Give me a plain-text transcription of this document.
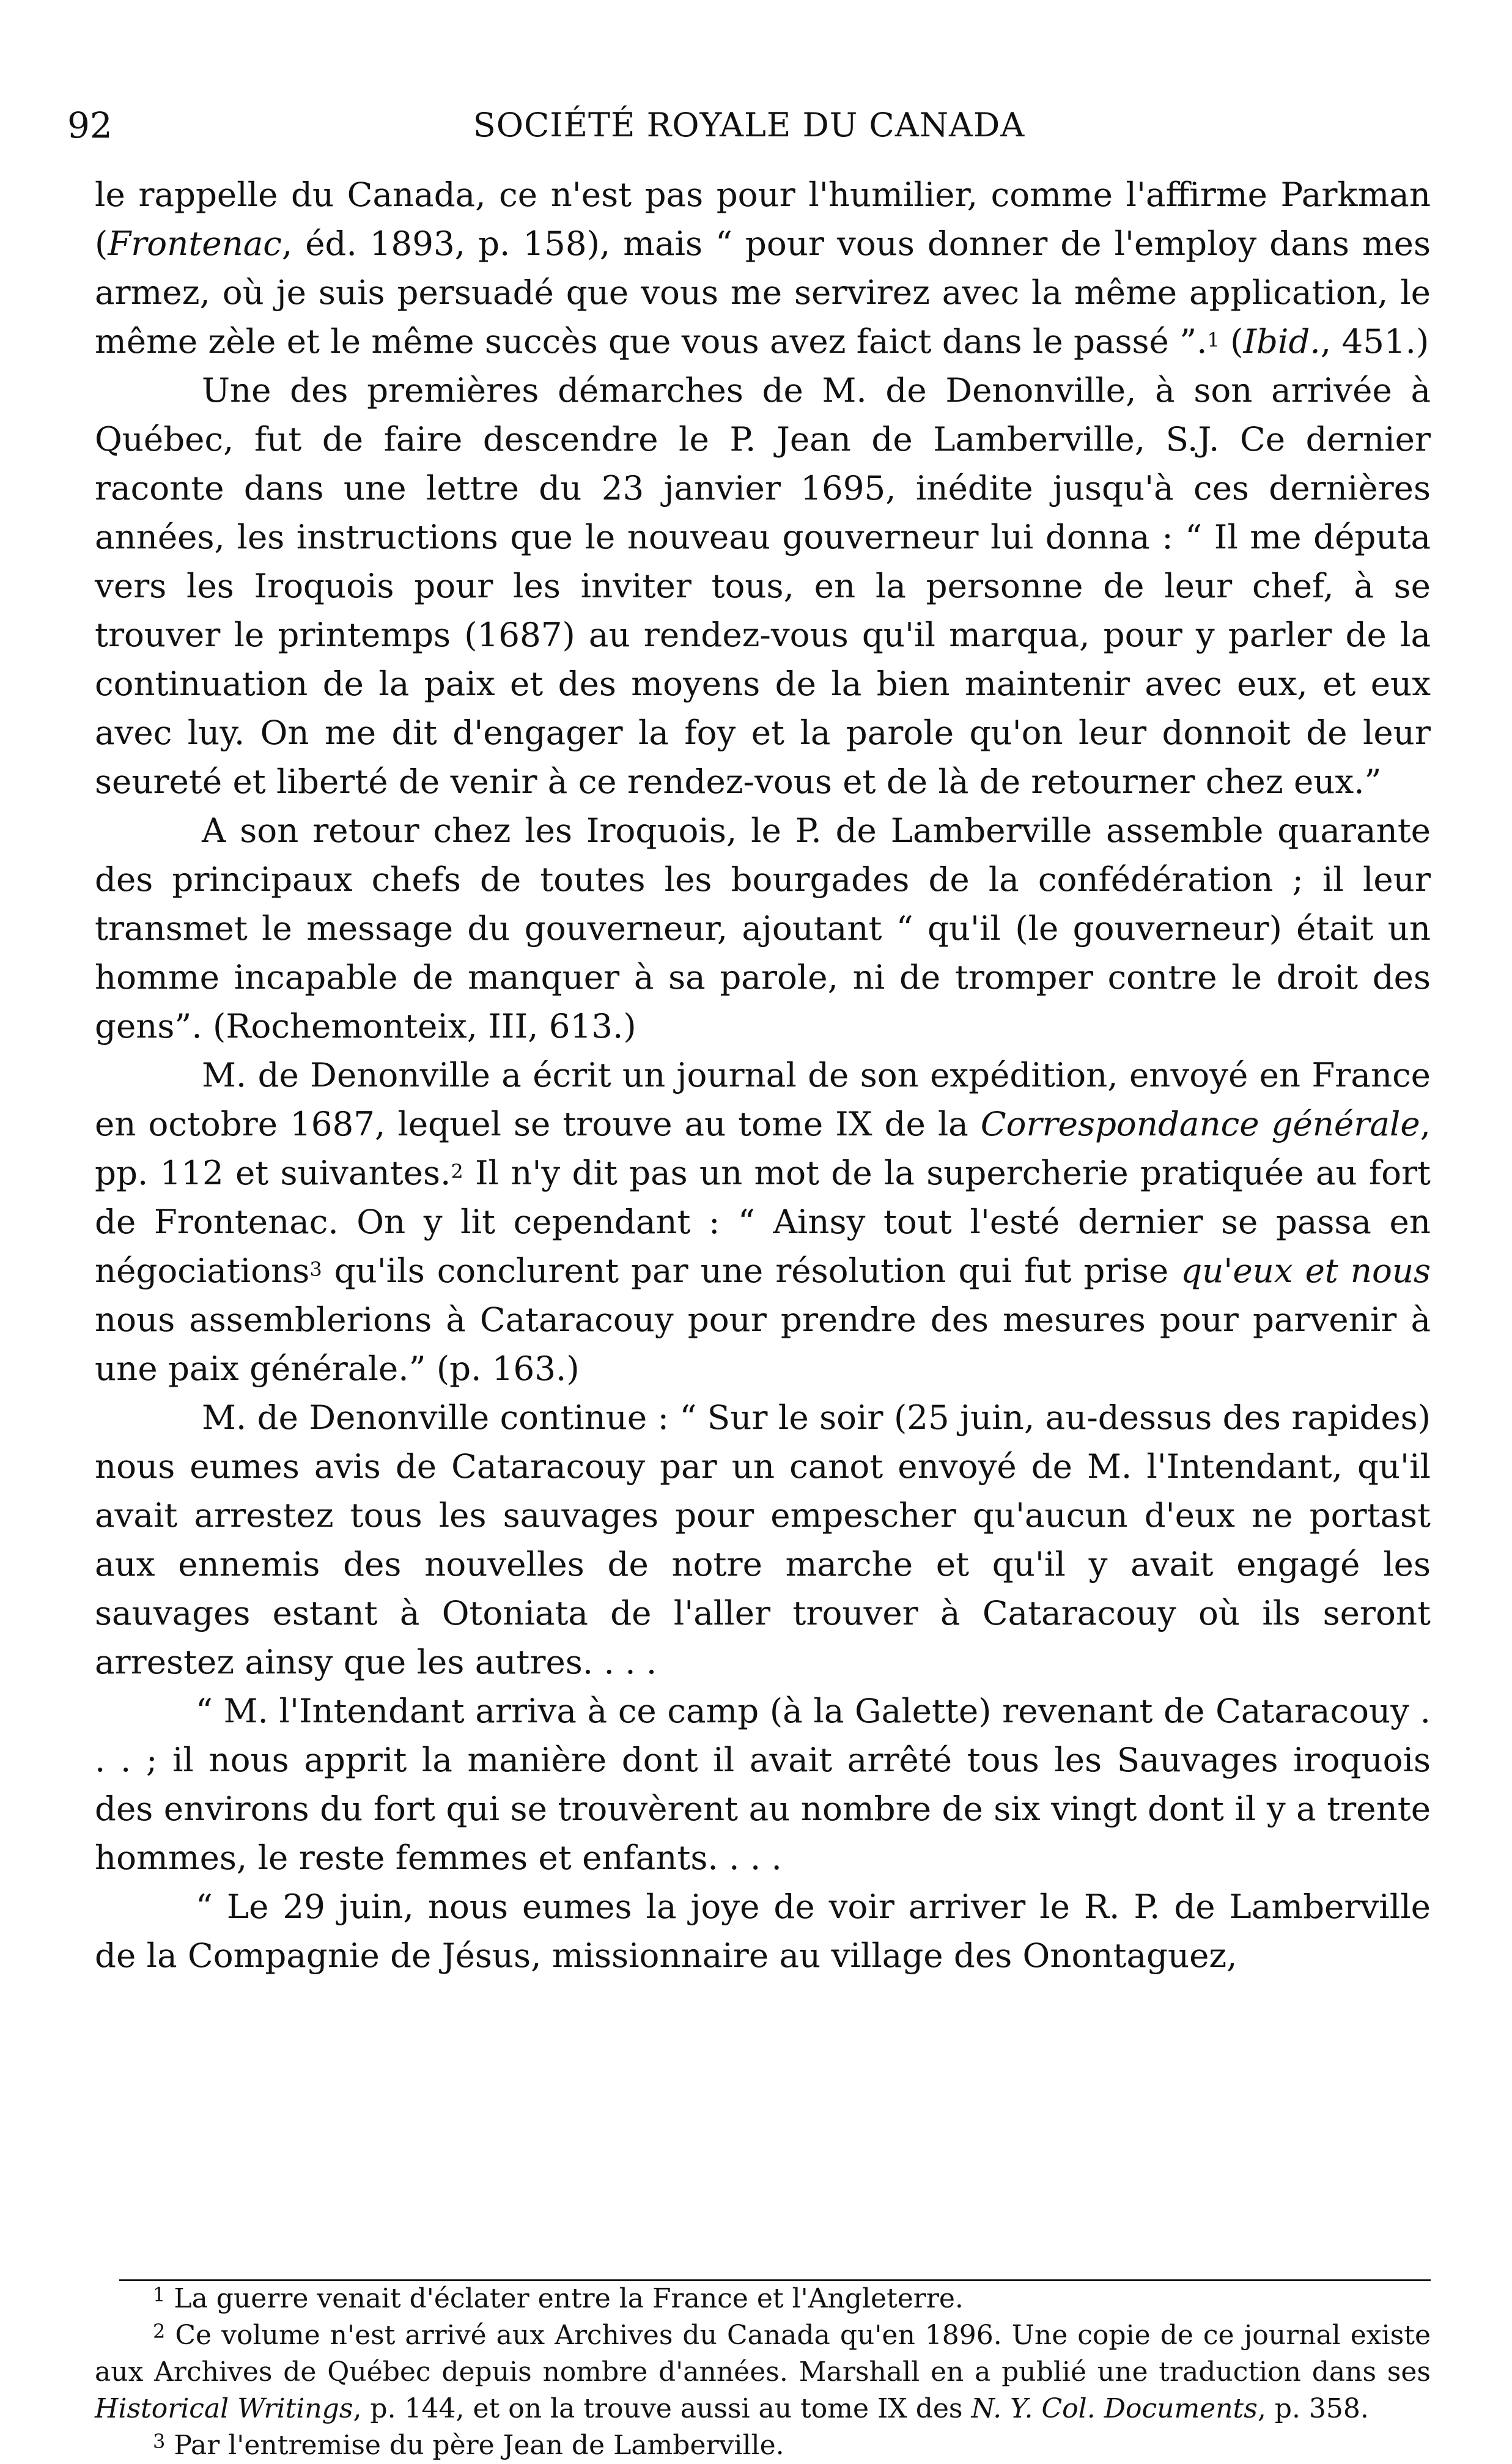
92	SOCIÉTÉ ROYALE DU CANADA

le rappelle du Canada, ce n'est pas pour l'humilier, comme l'affirme Parkman (Frontenac, éd. 1893, p. 158), mais “ pour vous donner de l'employ dans mes armez, où je suis persuadé que vous me servirez avec la même application, le même zèle et le même succès que vous avez faict dans le passé ”.$^1$ (Ibid., 451.)

Une des premières démarches de M. de Denonville, à son arrivée à Québec, fut de faire descendre le P. Jean de Lamberville, S.J. Ce dernier raconte dans une lettre du 23 janvier 1695, inédite jusqu'à ces dernières années, les instructions que le nouveau gouverneur lui donna : “ Il me députa vers les Iroquois pour les inviter tous, en la personne de leur chef, à se trouver le printemps (1687) au rendez-vous qu'il marqua, pour y parler de la continuation de la paix et des moyens de la bien maintenir avec eux, et eux avec luy. On me dit d'engager la foy et la parole qu'on leur donnoit de leur seureté et liberté de venir à ce rendez-vous et de là de retourner chez eux.”

A son retour chez les Iroquois, le P. de Lamberville assemble quarante des principaux chefs de toutes les bourgades de la confédération ; il leur transmet le message du gouverneur, ajoutant “ qu'il (le gouverneur) était un homme incapable de manquer à sa parole, ni de tromper contre le droit des gens”. (Rochemonteix, III, 613.)

M. de Denonville a écrit un journal de son expédition, envoyé en France en octobre 1687, lequel se trouve au tome IX de la Correspondance générale, pp. 112 et suivantes.$^2$ Il n'y dit pas un mot de la supercherie pratiquée au fort de Frontenac. On y lit cependant : “ Ainsy tout l'esté dernier se passa en négociations$^3$ qu'ils conclurent par une résolution qui fut prise qu'eux et nous nous assemblerions à Cataracouy pour prendre des mesures pour parvenir à une paix générale.” (p. 163.)

M. de Denonville continue : “ Sur le soir (25 juin, au-dessus des rapides) nous eumes avis de Cataracouy par un canot envoyé de M. l'Intendant, qu'il avait arrestez tous les sauvages pour empescher qu'aucun d'eux ne portast aux ennemis des nouvelles de notre marche et qu'il y avait engagé les sauvages estant à Otoniata de l'aller trouver à Cataracouy où ils seront arrestez ainsy que les autres. . . .

“ M. l'Intendant arriva à ce camp (à la Galette) revenant de Cataracouy . . . ; il nous apprit la manière dont il avait arrêté tous les Sauvages iroquois des environs du fort qui se trouvèrent au nombre de six vingt dont il y a trente hommes, le reste femmes et enfants. . . .

“ Le 29 juin, nous eumes la joye de voir arriver le R. P. de Lamberville de la Compagnie de Jésus, missionnaire au village des Onontaguez,

$^1$ La guerre venait d'éclater entre la France et l'Angleterre.

$^2$ Ce volume n'est arrivé aux Archives du Canada qu'en 1896. Une copie de ce journal existe aux Archives de Québec depuis nombre d'années. Marshall en a publié une traduction dans ses Historical Writings, p. 144, et on la trouve aussi au tome IX des N. Y. Col. Documents, p. 358.

$^3$ Par l'entremise du père Jean de Lamberville.
